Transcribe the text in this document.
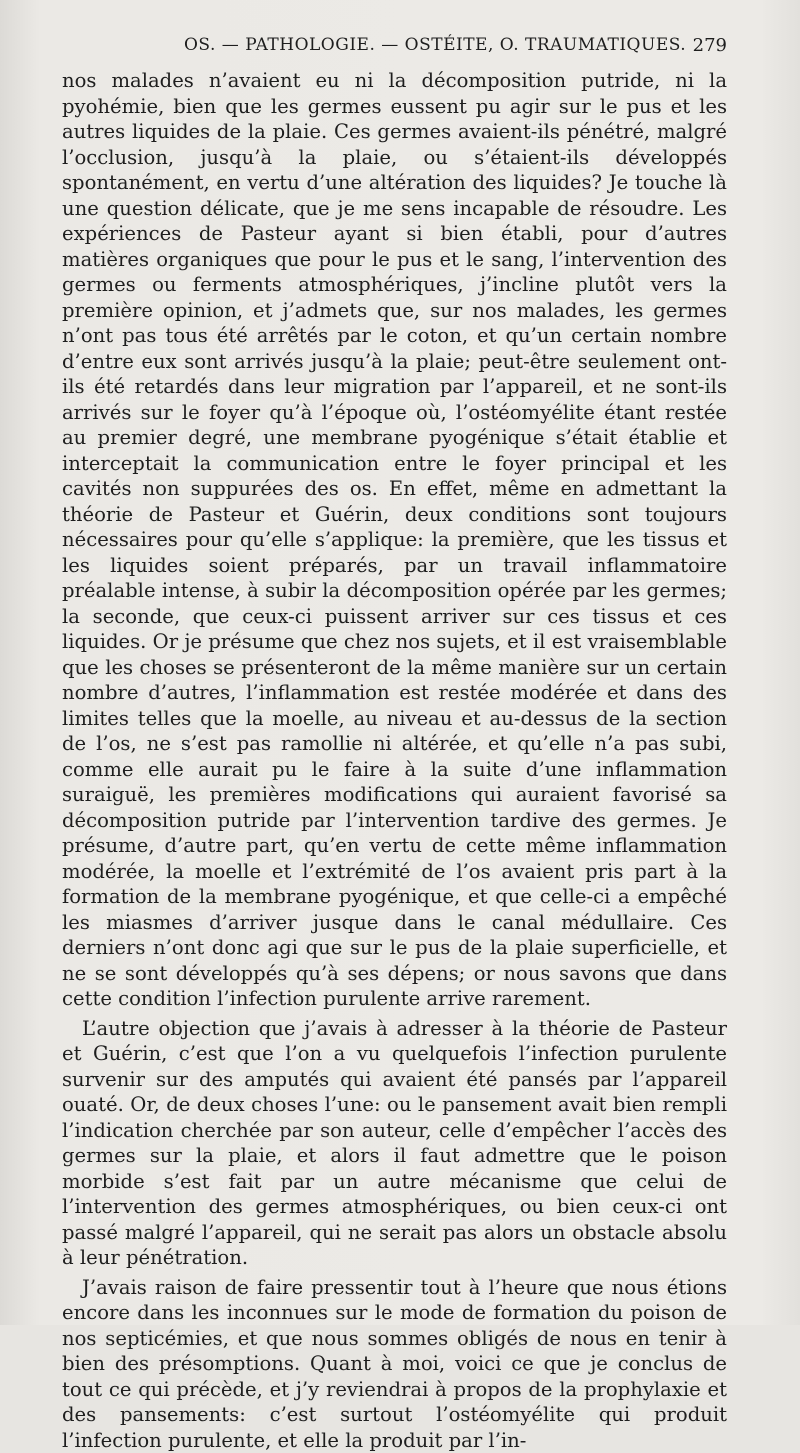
OS. — PATHOLOGIE. — OSTÉITE, O. TRAUMATIQUES. 279

nos malades n’avaient eu ni la décomposition putride, ni la pyohémie, bien que les germes eussent pu agir sur le pus et les autres liquides de la plaie. Ces germes avaient-ils pénétré, malgré l’occlusion, jusqu’à la plaie, ou s’étaient-ils développés spontanément, en vertu d’une altération des liquides? Je touche là une question délicate, que je me sens incapable de résoudre. Les expériences de Pasteur ayant si bien établi, pour d’autres matières organiques que pour le pus et le sang, l’intervention des germes ou ferments atmosphériques, j’incline plutôt vers la première opinion, et j’admets que, sur nos malades, les germes n’ont pas tous été arrêtés par le coton, et qu’un certain nombre d’entre eux sont arrivés jusqu’à la plaie; peut-être seulement ont-ils été retardés dans leur migration par l’appareil, et ne sont-ils arrivés sur le foyer qu’à l’époque où, l’ostéomyélite étant restée au premier degré, une membrane pyogénique s’était établie et interceptait la communication entre le foyer principal et les cavités non suppurées des os. En effet, même en admettant la théorie de Pasteur et Guérin, deux conditions sont toujours nécessaires pour qu’elle s’applique: la première, que les tissus et les liquides soient préparés, par un travail inflammatoire préalable intense, à subir la décomposition opérée par les germes; la seconde, que ceux-ci puissent arriver sur ces tissus et ces liquides. Or je présume que chez nos sujets, et il est vraisemblable que les choses se présenteront de la même manière sur un certain nombre d’autres, l’inflammation est restée modérée et dans des limites telles que la moelle, au niveau et au-dessus de la section de l’os, ne s’est pas ramollie ni altérée, et qu’elle n’a pas subi, comme elle aurait pu le faire à la suite d’une inflammation suraiguë, les premières modifications qui auraient favorisé sa décomposition putride par l’intervention tardive des germes. Je présume, d’autre part, qu’en vertu de cette même inflammation modérée, la moelle et l’extrémité de l’os avaient pris part à la formation de la membrane pyogénique, et que celle-ci a empêché les miasmes d’arriver jusque dans le canal médullaire. Ces derniers n’ont donc agi que sur le pus de la plaie superficielle, et ne se sont développés qu’à ses dépens; or nous savons que dans cette condition l’infection purulente arrive rarement.

L’autre objection que j’avais à adresser à la théorie de Pasteur et Guérin, c’est que l’on a vu quelquefois l’infection purulente survenir sur des amputés qui avaient été pansés par l’appareil ouaté. Or, de deux choses l’une: ou le pansement avait bien rempli l’indication cherchée par son auteur, celle d’empêcher l’accès des germes sur la plaie, et alors il faut admettre que le poison morbide s’est fait par un autre mécanisme que celui de l’intervention des germes atmosphériques, ou bien ceux-ci ont passé malgré l’appareil, qui ne serait pas alors un obstacle absolu à leur pénétration.

J’avais raison de faire pressentir tout à l’heure que nous étions encore dans les inconnues sur le mode de formation du poison de nos septicémies, et que nous sommes obligés de nous en tenir à bien des présomptions. Quant à moi, voici ce que je conclus de tout ce qui précède, et j’y reviendrai à propos de la prophylaxie et des pansements: c’est surtout l’ostéomyélite qui produit l’infection purulente, et elle la produit par l’in-
